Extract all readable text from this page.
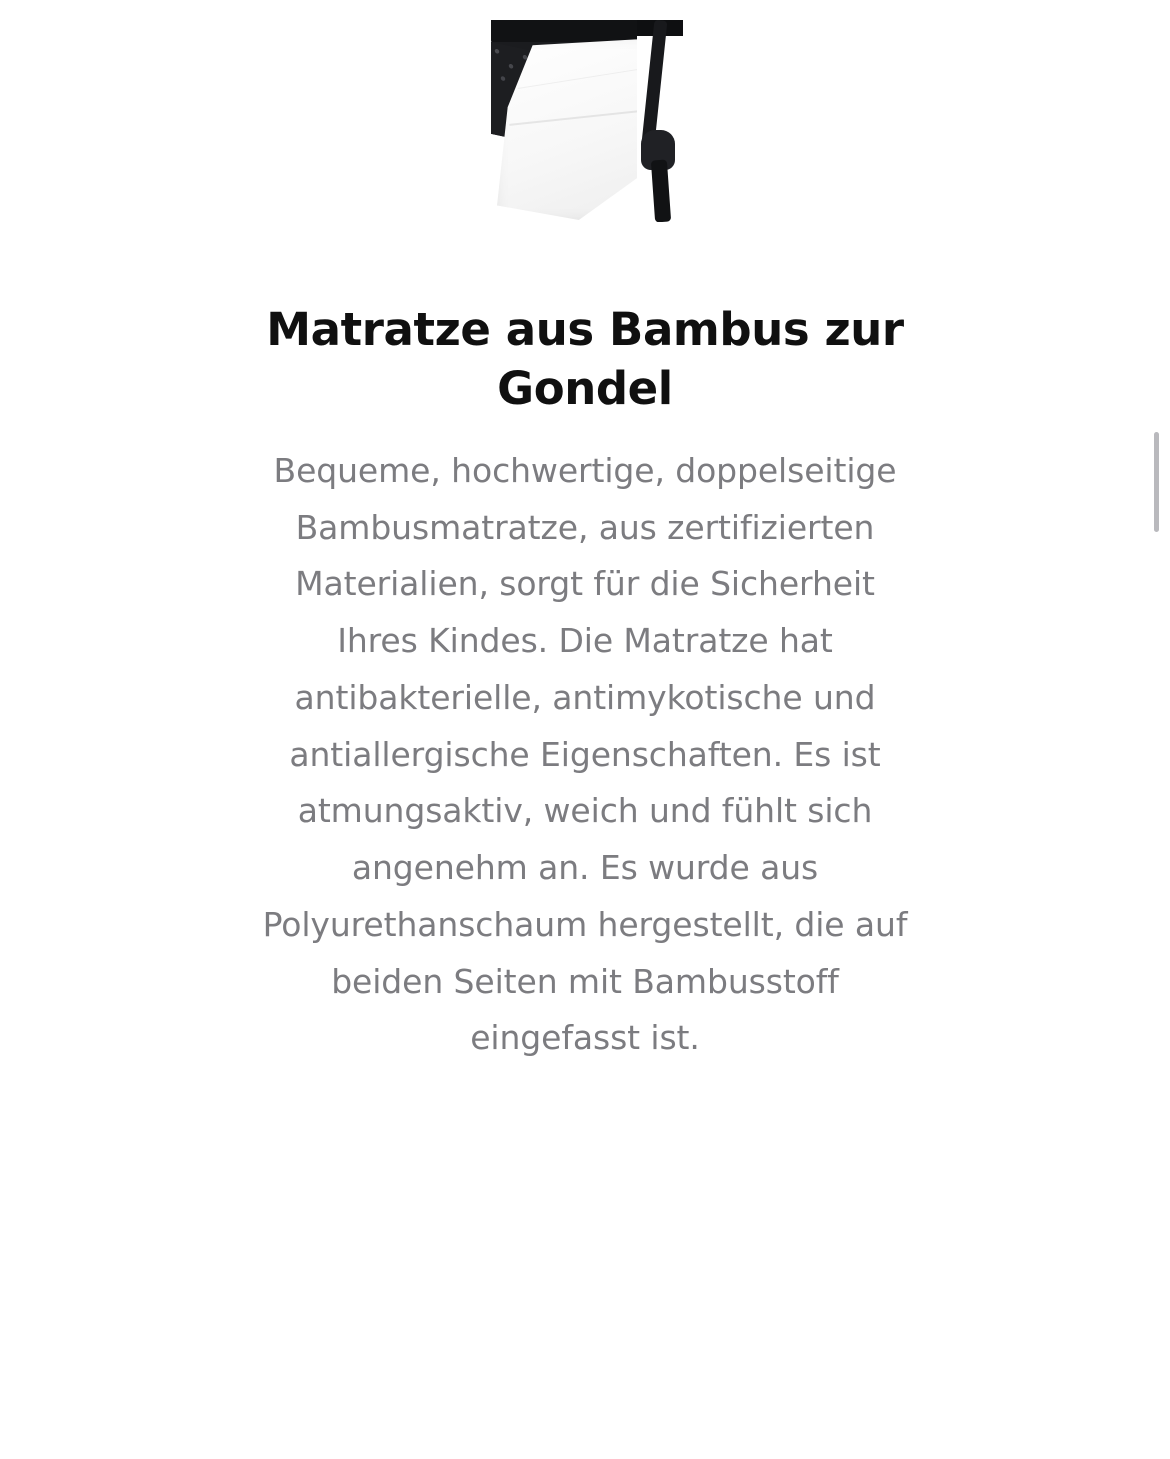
Matratze aus Bambus zur Gondel

Bequeme, hochwertige, doppelseitige Bambusmatratze, aus zertifizierten Materialien, sorgt für die Sicherheit Ihres Kindes. Die Matratze hat antibakterielle, antimykotische und antiallergische Eigenschaften. Es ist atmungsaktiv, weich und fühlt sich angenehm an. Es wurde aus Polyurethanschaum hergestellt, die auf beiden Seiten mit Bambusstoff eingefasst ist.
